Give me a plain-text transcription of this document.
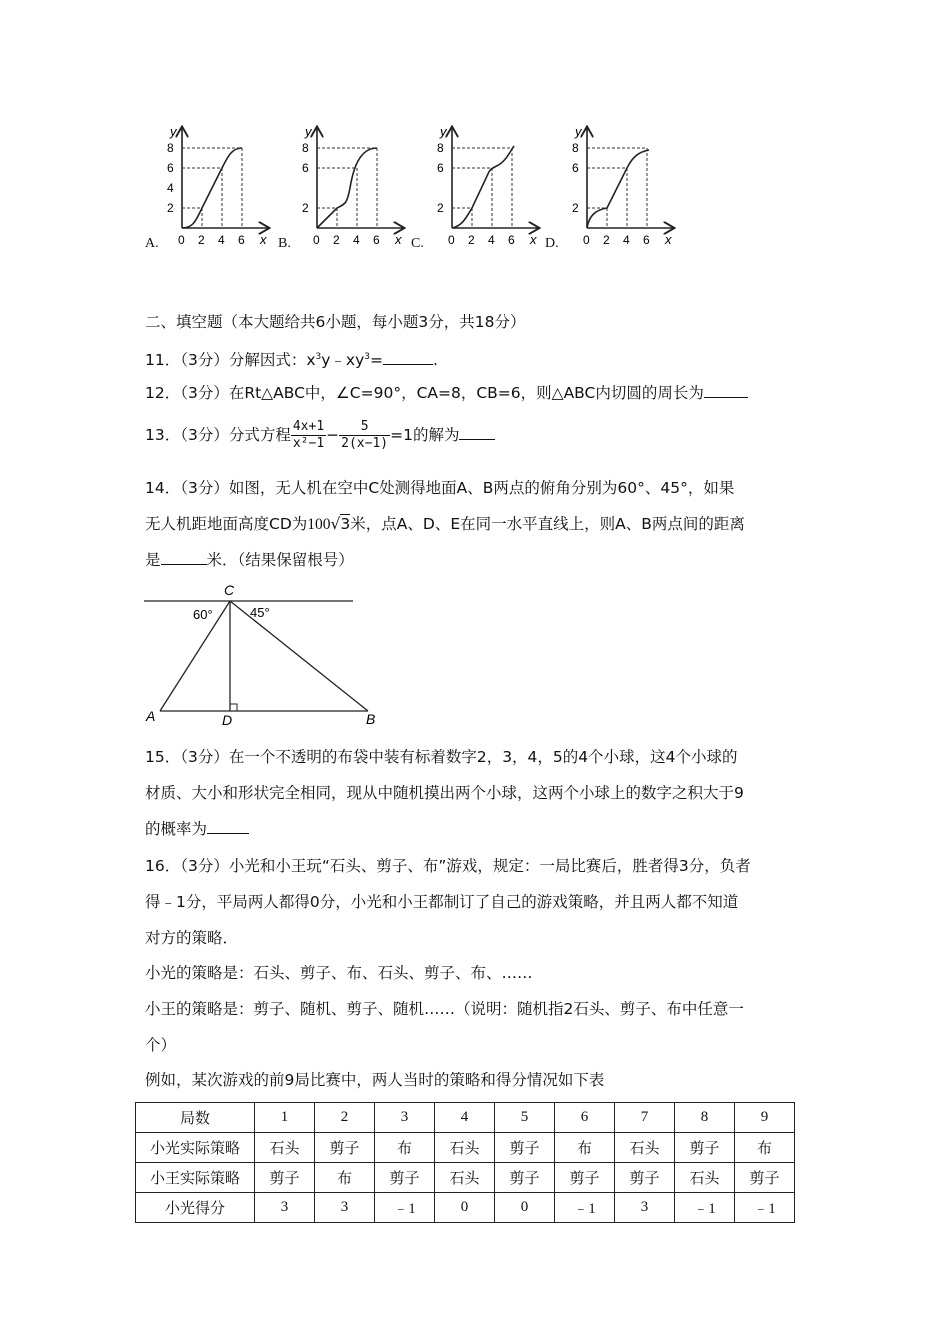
y
x
8
6
4
2
0 2 4 6
y
x
8
6
2
0 2 4 6
y
x
8
6
2
0 2 4 6
y
x
8
6
2
0 2 4 6
A.	B.	C.	D.
二、填空题（本大题给共6小题，每小题3分，共18分）
11．（3分）分解因式：$x^3y﹣xy^3=$	.
12．（3分）在Rt△ABC中，∠C=90°，CA=8，CB=6，则△ABC内切圆的周长为
13．（3分）分式方程 $\frac{4x+1}{\text{x²−1}} - \frac{5}{2(x-1)} =1$的解为
14．（3分）如图，无人机在空中C处测得地面A、B两点的俯角分别为60°、45°，如果
无人机距地面高度CD为100√3米，点A、D、E在同一水平直线上，则A、B两点间的距离
是	米．（结果保留根号）
C
A	D	B
60°	45°
15．（3分）在一个不透明的布袋中装有标着数字2，3，4，5的4个小球，这4个小球的
材质、大小和形状完全相同，现从中随机摸出两个小球，这两个小球上的数字之积大于9
的概率为
16．（3分）小光和小王玩“石头、剪子、布”游戏，规定：一局比赛后，胜者得3分，负者
得﹣1分，平局两人都得0分，小光和小王都制订了自己的游戏策略，并且两人都不知道
对方的策略．
小光的策略是：石头、剪子、布、石头、剪子、布、……
小王的策略是：剪子、随机、剪子、随机……（说明：随机指2石头、剪子、布中任意一
个）
例如，某次游戏的前9局比赛中，两人当时的策略和得分情况如下表
局数	1	2	3	4	5	6	7	8	9
小光实际策略	石头	剪子	布	石头	剪子	布	石头	剪子	布
小王实际策略	剪子	布	剪子	石头	剪子	剪子	剪子	石头	剪子
小光得分	3	3	﹣1	0	0	﹣1	3	﹣1	﹣1
